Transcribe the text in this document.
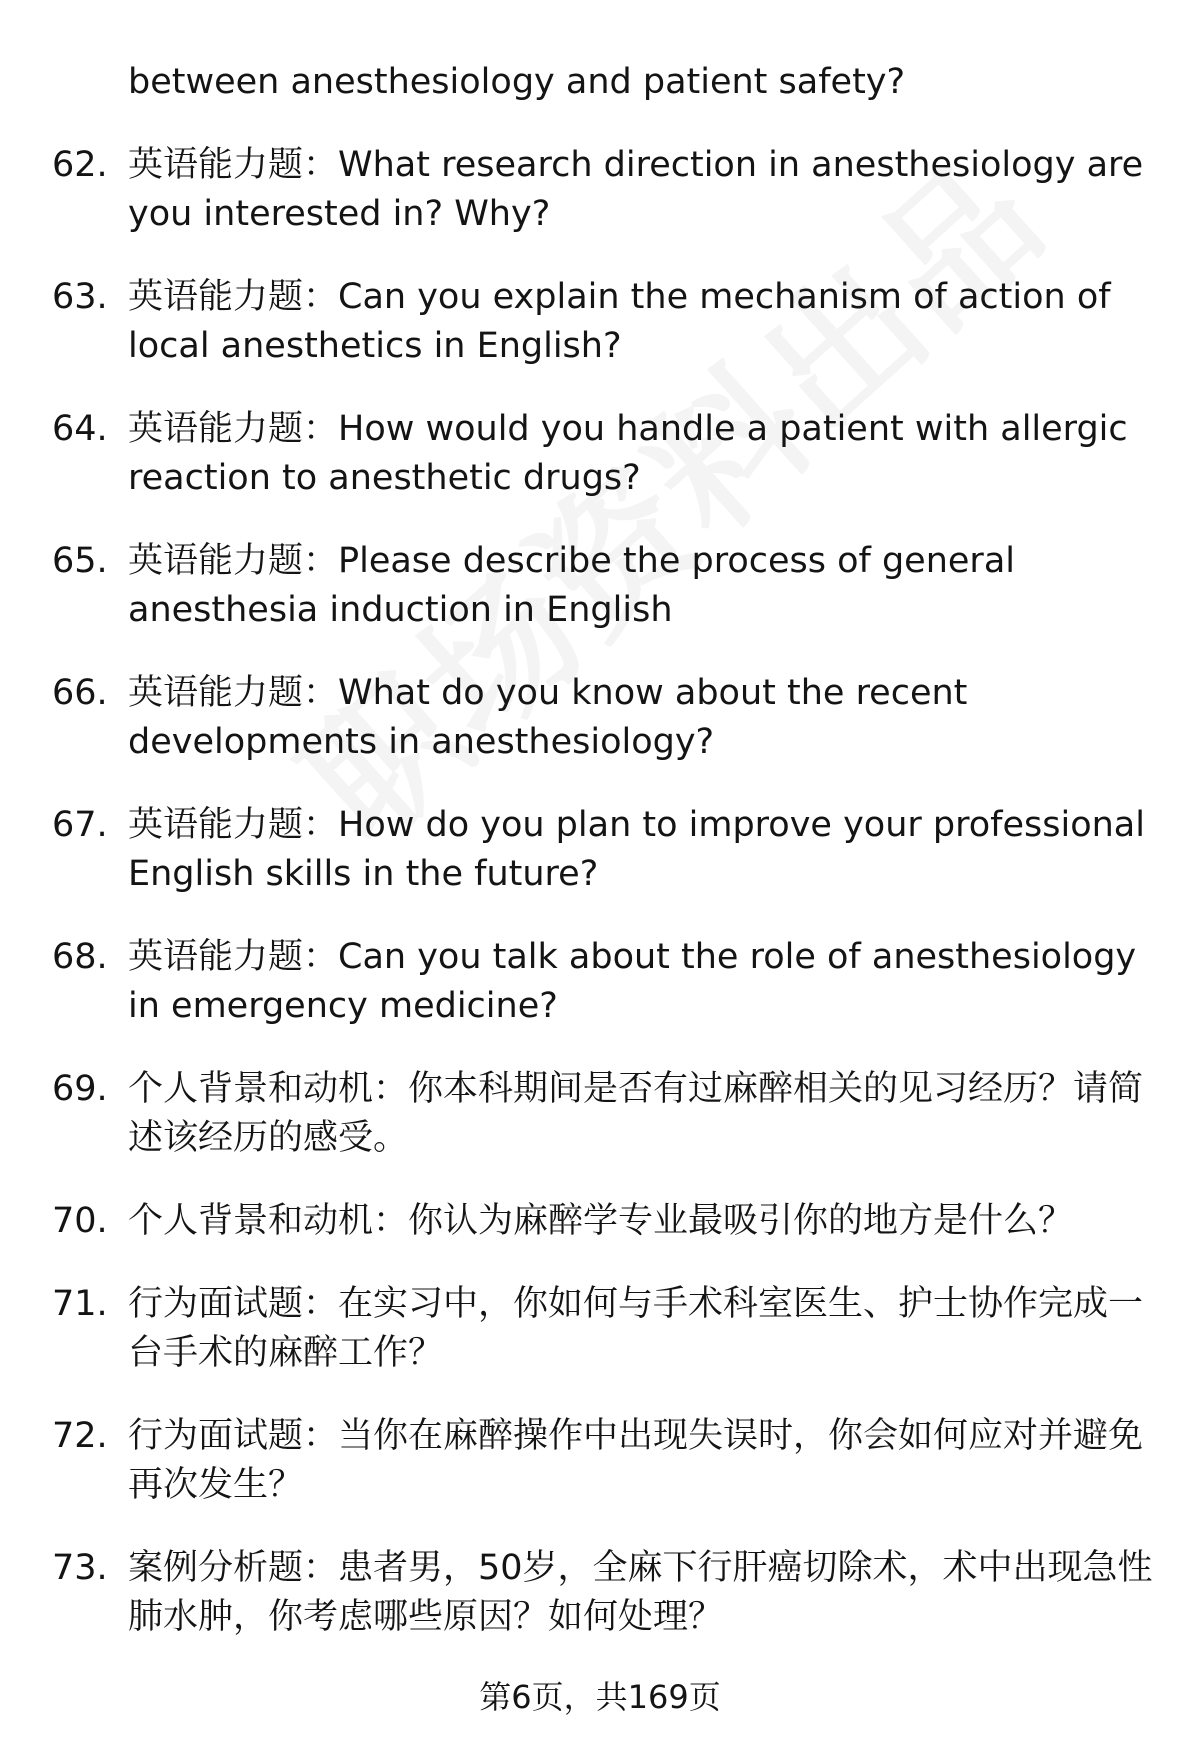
between anesthesiology and patient safety?

62. 英语能力题：What research direction in anesthesiology are you interested in? Why?
63. 英语能力题：Can you explain the mechanism of action of local anesthetics in English?
64. 英语能力题：How would you handle a patient with allergic reaction to anesthetic drugs?
65. 英语能力题：Please describe the process of general anesthesia induction in English
66. 英语能力题：What do you know about the recent developments in anesthesiology?
67. 英语能力题：How do you plan to improve your professional English skills in the future?
68. 英语能力题：Can you talk about the role of anesthesiology in emergency medicine?
69. 个人背景和动机：你本科期间是否有过麻醉相关的见习经历？请简述该经历的感受。
70. 个人背景和动机：你认为麻醉学专业最吸引你的地方是什么？
71. 行为面试题：在实习中，你如何与手术科室医生、护士协作完成一台手术的麻醉工作？
72. 行为面试题：当你在麻醉操作中出现失误时，你会如何应对并避免再次发生？
73. 案例分析题：患者男，50岁，全麻下行肝癌切除术，术中出现急性肺水肿，你考虑哪些原因？如何处理？
第6页，共169页
